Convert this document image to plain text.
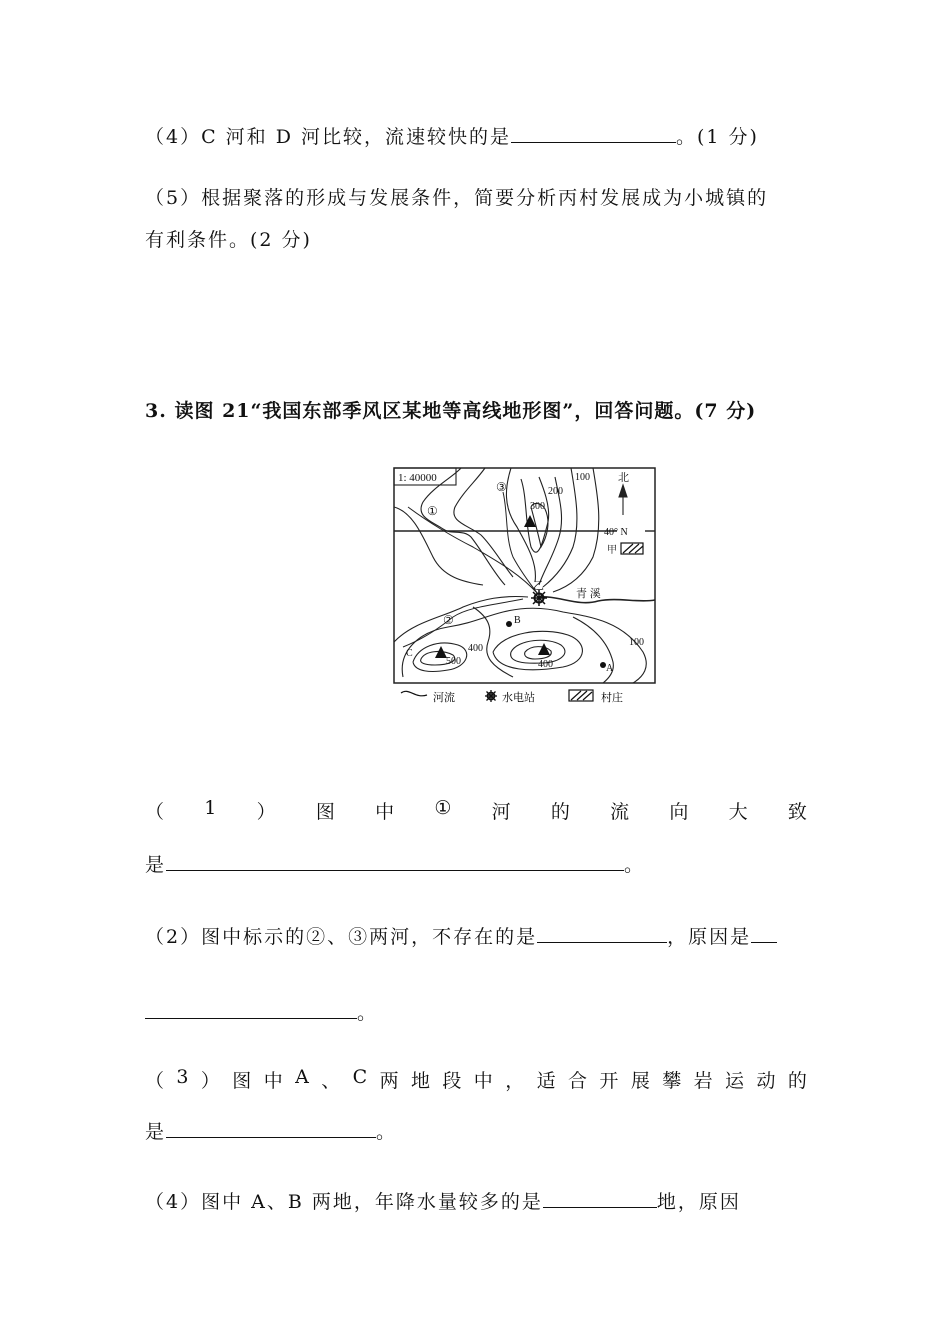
（4）C 河和 D 河比较，流速较快的是	。(1 分)
（5）根据聚落的形成与发展条件，简要分析丙村发展成为小城镇的
有利条件。(2 分)
3. 读图 21“我国东部季风区某地等高线地形图”，回答问题。(7 分)
1: 40000	北
40° N
甲
乙
青 溪
①
②
③
A
B
C
100
200
300
400
400
500
100
河流	水电站	村庄
（ 1 ） 图 中 ① 河 的 流 向 大 致
是	。
（2）图中标示的②、③两河，不存在的是	，原因是
。
（ 3 ） 图 中 A 、 C 两 地 段 中 ， 适 合 开 展 攀 岩 运 动 的
是	。
（4）图中 A、B 两地，年降水量较多的是	地，原因
